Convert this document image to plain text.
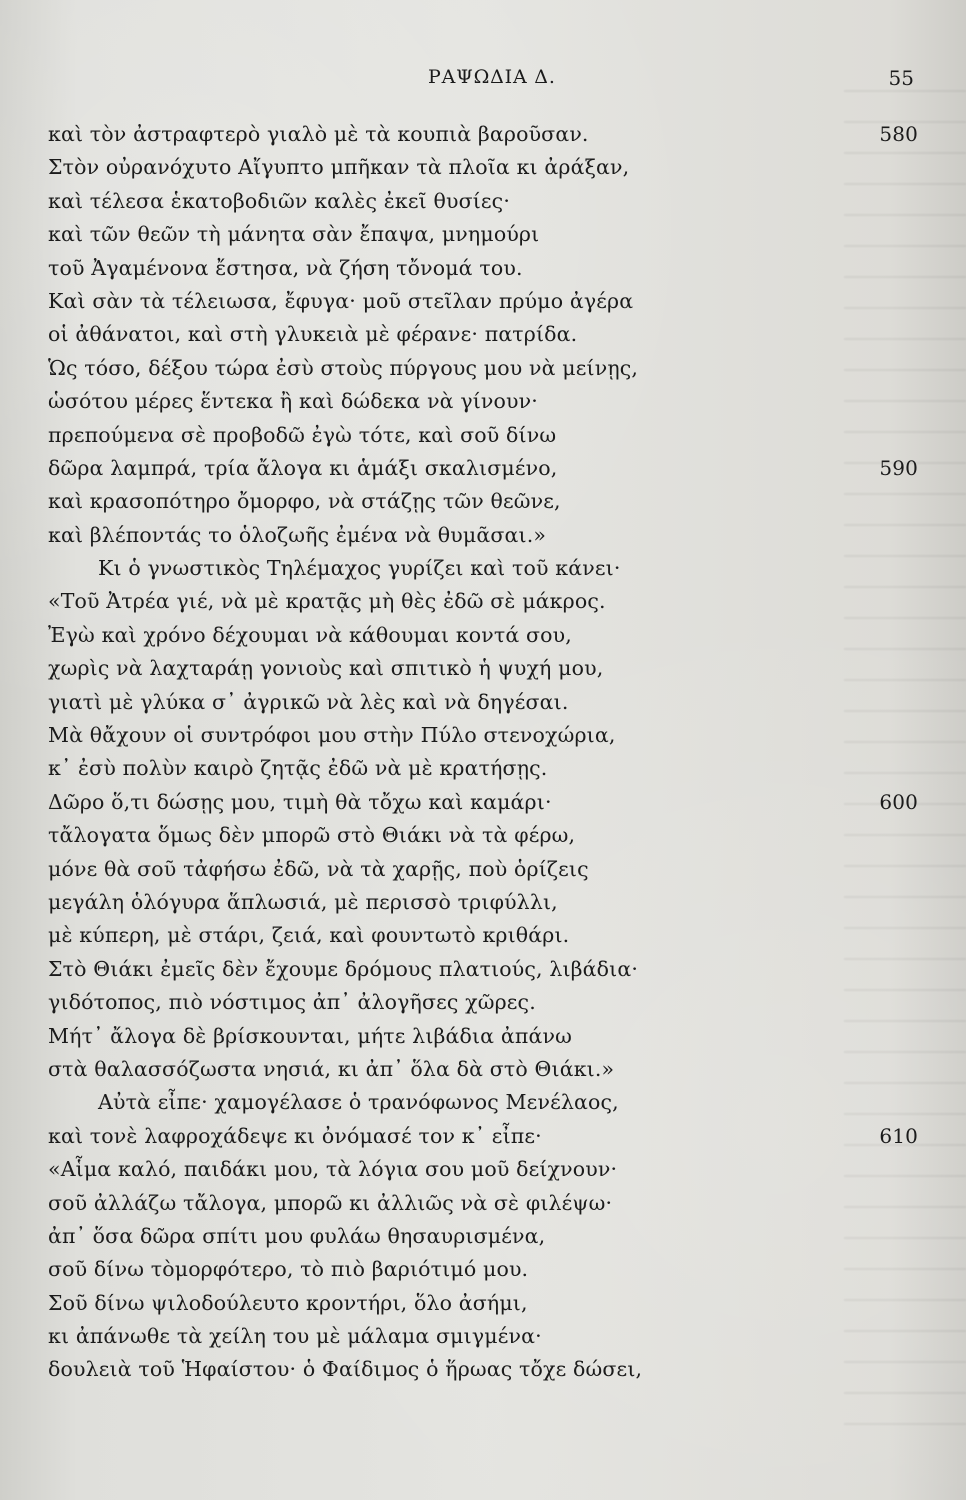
ΡΑΨΩΔΙΑ Δ.	55
καὶ τὸν ἀστραφτερὸ γιαλὸ μὲ τὰ κουπιὰ βαροῦσαν.	580
Στὸν οὐρανόχυτο Αἴγυπτο μπῆκαν τὰ πλοῖα κι ἀράξαν,
καὶ τέλεσα ἑκατοβοδιῶν καλὲς ἐκεῖ θυσίες·
καὶ τῶν θεῶν τὴ μάνητα σὰν ἔπαψα, μνημούρι
τοῦ Ἀγαμένονα ἔστησα, νὰ ζήση τὄνομά του.
Καὶ σὰν τὰ τέλειωσα, ἔφυγα· μοῦ στεῖλαν πρύμο ἀγέρα
οἱ ἀθάνατοι, καὶ στὴ γλυκειὰ μὲ φέρανε· πατρίδα.
Ὡς τόσο, δέξου τώρα ἐσὺ στοὺς πύργους μου νὰ μείνῃς,
ὡσότου μέρες ἕντεκα ἢ καὶ δώδεκα νὰ γίνουν·
πρεπούμενα σὲ προβοδῶ ἐγὼ τότε, καὶ σοῦ δίνω
δῶρα λαμπρά, τρία ἄλογα κι ἁμάξι σκαλισμένο,	590
καὶ κρασοπότηρο ὄμορφο, νὰ στάζῃς τῶν θεῶνε,
καὶ βλέποντάς το ὁλοζωῆς ἐμένα νὰ θυμᾶσαι.»
Κι ὁ γνωστικὸς Τηλέμαχος γυρίζει καὶ τοῦ κάνει·
«Τοῦ Ἀτρέα γιέ, νὰ μὲ κρατᾷς μὴ θὲς ἐδῶ σὲ μάκρος.
Ἐγὼ καὶ χρόνο δέχουμαι νὰ κάθουμαι κοντά σου,
χωρὶς νὰ λαχταράῃ γονιοὺς καὶ σπιτικὸ ἡ ψυχή μου,
γιατὶ μὲ γλύκα σ᾿ ἀγρικῶ νὰ λὲς καὶ νὰ δηγέσαι.
Μὰ θἄχουν οἱ συντρόφοι μου στὴν Πύλο στενοχώρια,
κ᾿ ἐσὺ πολὺν καιρὸ ζητᾷς ἐδῶ νὰ μὲ κρατήσῃς.
Δῶρο ὅ,τι δώσῃς μου, τιμὴ θὰ τὄχω καὶ καμάρι·	600
τἄλογατα ὅμως δὲν μπορῶ στὸ Θιάκι νὰ τὰ φέρω,
μόνε θὰ σοῦ τἀφήσω ἐδῶ, νὰ τὰ χαρῇς, ποὺ ὁρίζεις
μεγάλη ὁλόγυρα ἅπλωσιά, μὲ περισσὸ τριφύλλι,
μὲ κύπερη, μὲ στάρι, ζειά, καὶ φουντωτὸ κριθάρι.
Στὸ Θιάκι ἐμεῖς δὲν ἔχουμε δρόμους πλατιούς, λιβάδια·
γιδότοπος, πιὸ νόστιμος ἀπ᾿ ἀλογῆσες χῶρες.
Μήτ᾿ ἄλογα δὲ βρίσκουνται, μήτε λιβάδια ἀπάνω
στὰ θαλασσόζωστα νησιά, κι ἀπ᾿ ὅλα δὰ στὸ Θιάκι.»
Αὐτὰ εἶπε· χαμογέλασε ὁ τρανόφωνος Μενέλαος,
καὶ τονὲ λαφροχάδεψε κι ὀνόμασέ τον κ᾿ εἶπε·	610
«Αἷμα καλό, παιδάκι μου, τὰ λόγια σου μοῦ δείχνουν·
σοῦ ἀλλάζω τἄλογα, μπορῶ κι ἀλλιῶς νὰ σὲ φιλέψω·
ἀπ᾿ ὅσα δῶρα σπίτι μου φυλάω θησαυρισμένα,
σοῦ δίνω τὸμορφότερο, τὸ πιὸ βαριότιμό μου.
Σοῦ δίνω ψιλοδούλευτο κροντήρι, ὅλο ἀσήμι,
κι ἀπάνωθε τὰ χείλη του μὲ μάλαμα σμιγμένα·
δουλειὰ τοῦ Ἡφαίστου· ὁ Φαίδιμος ὁ ἥρωας τὄχε δώσει,
